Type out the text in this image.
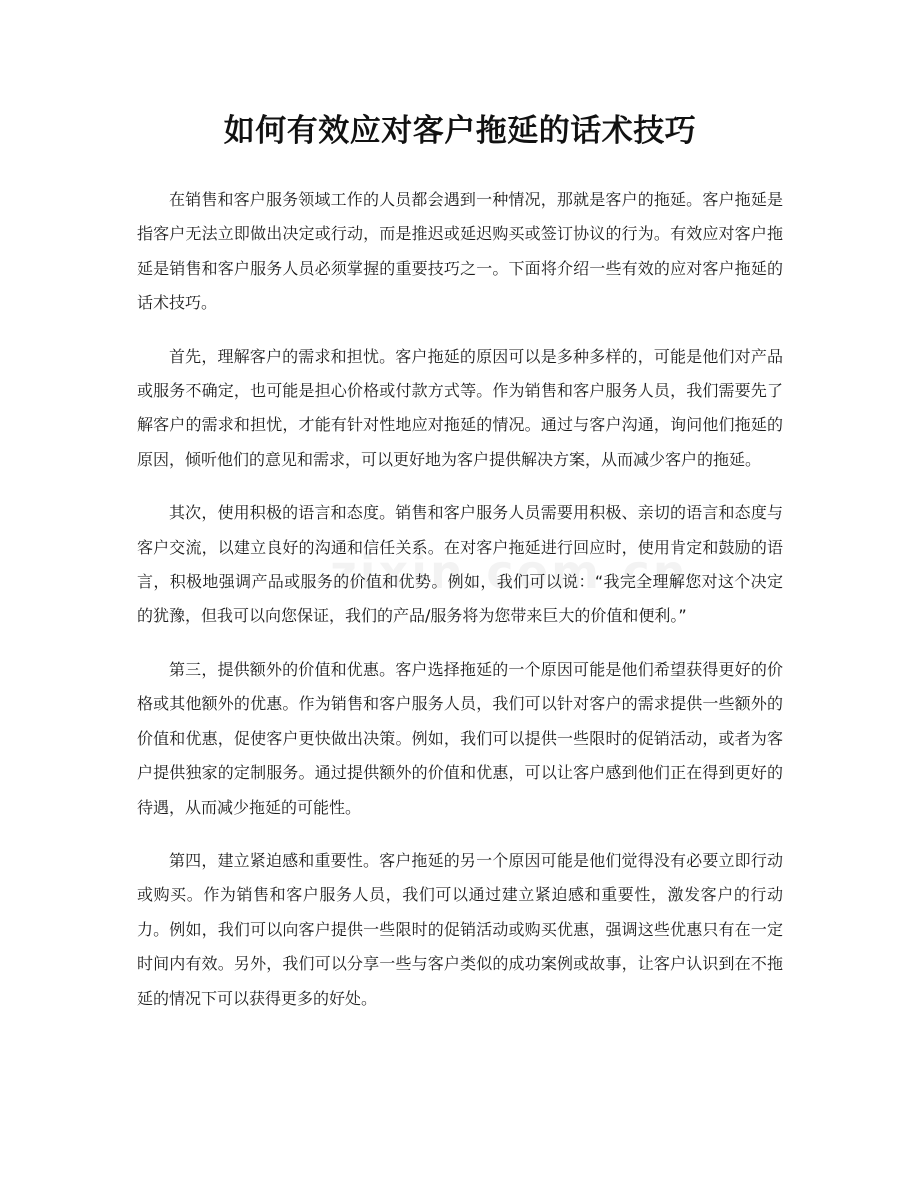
如何有效应对客户拖延的话术技巧

在销售和客户服务领域工作的人员都会遇到一种情况，那就是客户的拖延。客户拖延是指客户无法立即做出决定或行动，而是推迟或延迟购买或签订协议的行为。有效应对客户拖延是销售和客户服务人员必须掌握的重要技巧之一。下面将介绍一些有效的应对客户拖延的话术技巧。

首先，理解客户的需求和担忧。客户拖延的原因可以是多种多样的，可能是他们对产品或服务不确定，也可能是担心价格或付款方式等。作为销售和客户服务人员，我们需要先了解客户的需求和担忧，才能有针对性地应对拖延的情况。通过与客户沟通，询问他们拖延的原因，倾听他们的意见和需求，可以更好地为客户提供解决方案，从而减少客户的拖延。

其次，使用积极的语言和态度。销售和客户服务人员需要用积极、亲切的语言和态度与客户交流，以建立良好的沟通和信任关系。在对客户拖延进行回应时，使用肯定和鼓励的语言，积极地强调产品或服务的价值和优势。例如，我们可以说：“我完全理解您对这个决定的犹豫，但我可以向您保证，我们的产品/服务将为您带来巨大的价值和便利。”

第三，提供额外的价值和优惠。客户选择拖延的一个原因可能是他们希望获得更好的价格或其他额外的优惠。作为销售和客户服务人员，我们可以针对客户的需求提供一些额外的价值和优惠，促使客户更快做出决策。例如，我们可以提供一些限时的促销活动，或者为客户提供独家的定制服务。通过提供额外的价值和优惠，可以让客户感到他们正在得到更好的待遇，从而减少拖延的可能性。

第四，建立紧迫感和重要性。客户拖延的另一个原因可能是他们觉得没有必要立即行动或购买。作为销售和客户服务人员，我们可以通过建立紧迫感和重要性，激发客户的行动力。例如，我们可以向客户提供一些限时的促销活动或购买优惠，强调这些优惠只有在一定时间内有效。另外，我们可以分享一些与客户类似的成功案例或故事，让客户认识到在不拖延的情况下可以获得更多的好处。
